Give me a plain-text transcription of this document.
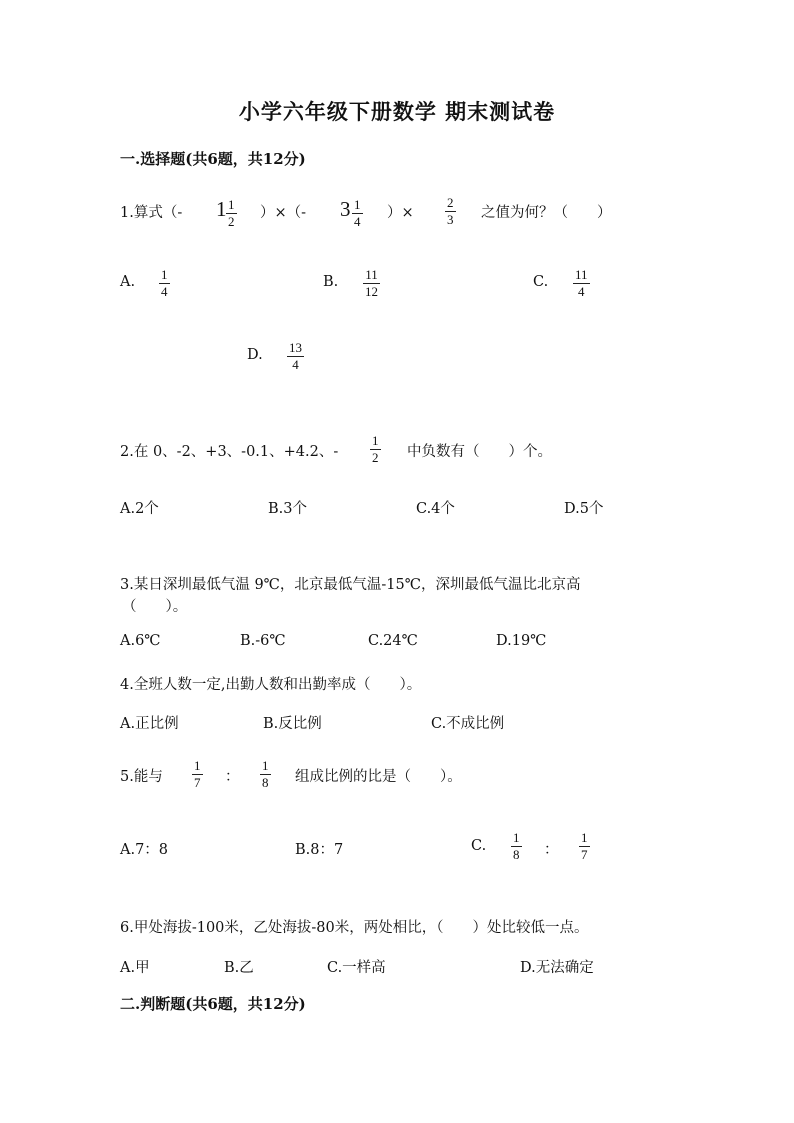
小学六年级下册数学 期末测试卷
一.选择题(共6题，共12分)
1.算式（- 1 1
2
）×（- 3 1
4
）×
2
3 之值为何？（　　）
A. 1
4
B. 11
12
C. 11
4
D. 13
4
2.在 0、-2、+3、-0.1、+4.2、-
1
2 中负数有（　　）个。
A.2个	B.3个	C.4个	D.5个
3.某日深圳最低气温 9℃，北京最低气温-15℃，深圳最低气温比北京高
（　　）。
A.6℃	B.-6℃	C.24℃	D.19℃
4.全班人数一定,出勤人数和出勤率成（　　）。
A.正比例	B.反比例	C.不成比例
5.能与
1
7 ：
1
8 组成比例的比是（　　）。
A.7：8	B.8：7	C.
1
8 ：
1
7
6.甲处海拔-100米，乙处海拔-80米，两处相比，（　　）处比较低一点。
A.甲	B.乙	C.一样高	D.无法确定
二.判断题(共6题，共12分)
